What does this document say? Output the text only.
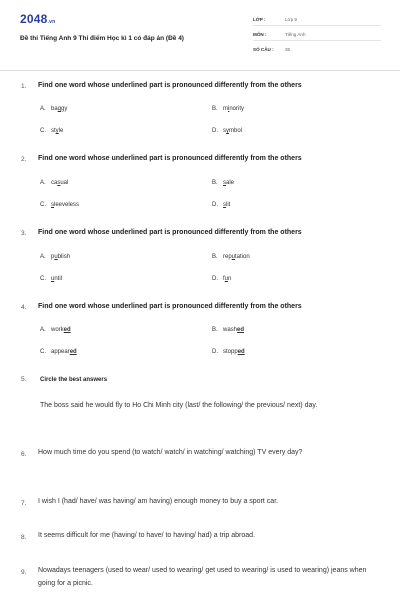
2048.vn
Đề thi Tiếng Anh 9 Thi điểm Học kì 1 có đáp án (Đề 4)
LỚP :	Lớp 9
MÔN :	Tiếng Anh
SỐ CÂU : 35
1. Find one word whose underlined part is pronounced differently from the others
A. baggy	B. minority
C. style	D. symbol
2. Find one word whose underlined part is pronounced differently from the others
A. casual	B. sale
C. sleeveless	D. slit
3. Find one word whose underlined part is pronounced differently from the others
A. publish	B. reputation
C. until	D. fun
4. Find one word whose underlined part is pronounced differently from the others
A. worked	B. washed
C. appeared	D. stopped
5. Circle the best answers
The boss said he would fly to Ho Chi Minh city (last/ the following/ the previous/ next) day.
6. How much time do you spend (to watch/ watch/ in watching/ watching) TV every day?
7. I wish I (had/ have/ was having/ am having) enough money to buy a sport car.
8. It seems difficult for me (having/ to have/ to having/ had) a trip abroad.
9. Nowadays teenagers (used to wear/ used to wearing/ get used to wearing/ is used to wearing) jeans when going for a picnic.
